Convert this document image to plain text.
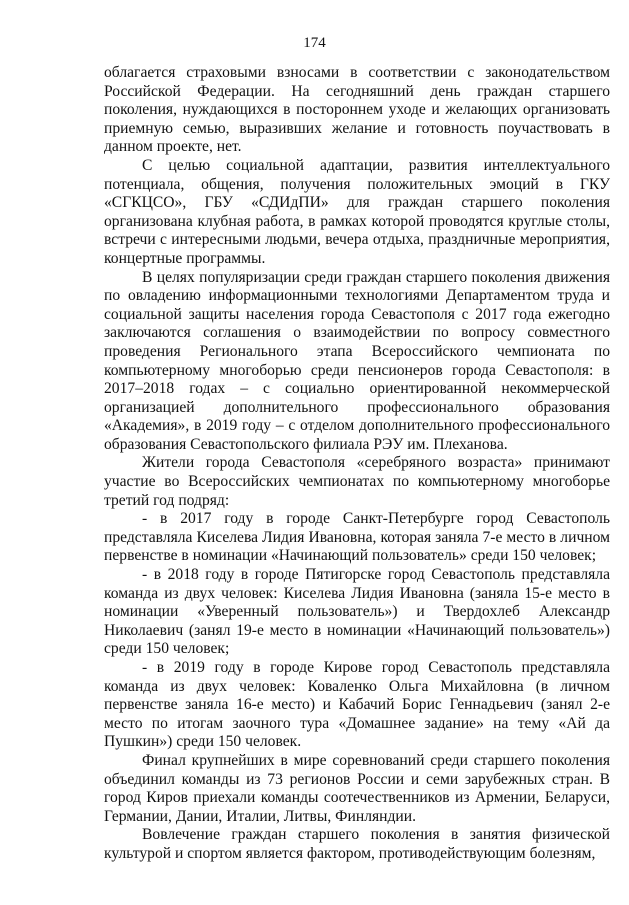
174

облагается страховыми взносами в соответствии с законодательством Российской Федерации. На сегодняшний день граждан старшего поколения, нуждающихся в постороннем уходе и желающих организовать приемную семью, выразивших желание и готовность поучаствовать в данном проекте, нет.

С целью социальной адаптации, развития интеллектуального потенциала, общения, получения положительных эмоций в ГКУ «СГКЦСО», ГБУ «СДИдПИ» для граждан старшего поколения организована клубная работа, в рамках которой проводятся круглые столы, встречи с интересными людьми, вечера отдыха, праздничные мероприятия, концертные программы.

В целях популяризации среди граждан старшего поколения движения по овладению информационными технологиями Департаментом труда и социальной защиты населения города Севастополя с 2017 года ежегодно заключаются соглашения о взаимодействии по вопросу совместного проведения Регионального этапа Всероссийского чемпионата по компьютерному многоборью среди пенсионеров города Севастополя: в 2017–2018 годах – с социально ориентированной некоммерческой организацией дополнительного профессионального образования «Академия», в 2019 году – с отделом дополнительного профессионального образования Севастопольского филиала РЭУ им. Плеханова.

Жители города Севастополя «серебряного возраста» принимают участие во Всероссийских чемпионатах по компьютерному многоборье третий год подряд:

- в 2017 году в городе Санкт-Петербурге город Севастополь представляла Киселева Лидия Ивановна, которая заняла 7-е место в личном первенстве в номинации «Начинающий пользователь» среди 150 человек;

- в 2018 году в городе Пятигорске город Севастополь представляла команда из двух человек: Киселева Лидия Ивановна (заняла 15-е место в номинации «Уверенный пользователь») и Твердохлеб Александр Николаевич (занял 19-е место в номинации «Начинающий пользователь») среди 150 человек;

- в 2019 году в городе Кирове город Севастополь представляла команда из двух человек: Коваленко Ольга Михайловна (в личном первенстве заняла 16-е место) и Кабачий Борис Геннадьевич (занял 2-е место по итогам заочного тура «Домашнее задание» на тему «Ай да Пушкин») среди 150 человек.

Финал крупнейших в мире соревнований среди старшего поколения объединил команды из 73 регионов России и семи зарубежных стран. В город Киров приехали команды соотечественников из Армении, Беларуси, Германии, Дании, Италии, Литвы, Финляндии.

Вовлечение граждан старшего поколения в занятия физической культурой и спортом является фактором, противодействующим болезням,
